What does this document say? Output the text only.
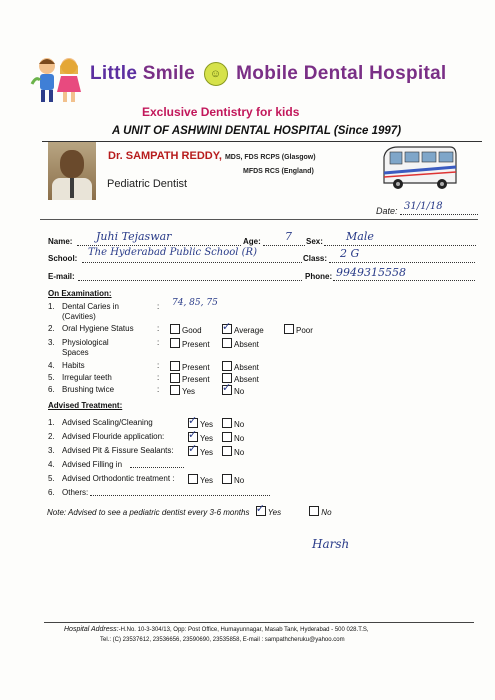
Little Smile ☺ Mobile Dental Hospital
Exclusive Dentistry for kids
A UNIT OF ASHWINI DENTAL HOSPITAL (Since 1997)
Dr. SAMPATH REDDY, MDS, FDS RCPS (Glasgow)
MFDS RCS (England)
Pediatric Dentist
Date: 31/1/18
Name: Juhi Tejaswar	Age: 7 Sex: Male
School:
The Hyderabad Public School (R)
Class: 2 G
E-mail:	Phone: 9949315558
On Examination:
1. Dental Caries in
(Cavities)
: 74, 85, 75
2. Oral Hygiene Status	:	Good ✓ Average	Poor
3. Physiological
Spaces
:	Present	Absent
4. Habits	:	Present	Absent
5. Irregular teeth	:	Present	Absent
6. Brushing twice	:	Yes ✓ No
Advised Treatment:
1. Advised Scaling/Cleaning	✓ Yes	No
2. Advised Flouride application: ✓ Yes	No
3. Advised Pit & Fissure Sealants: ✓ Yes	No
4. Advised Filling in
5. Advised Orthodontic treatment :	Yes	No
6. Others:
Note: Advised to see a pediatric dentist every 3-6 months ✓ Yes	No
Harsh
Hospital Address:-H.No. 10-3-304/13, Opp: Post Office, Humayunnagar, Masab Tank, Hyderabad - 500 028.T.S,
Tel.: (C) 23537612, 23536656, 23590690, 23535858, E-mail : sampathcheruku@yahoo.com
